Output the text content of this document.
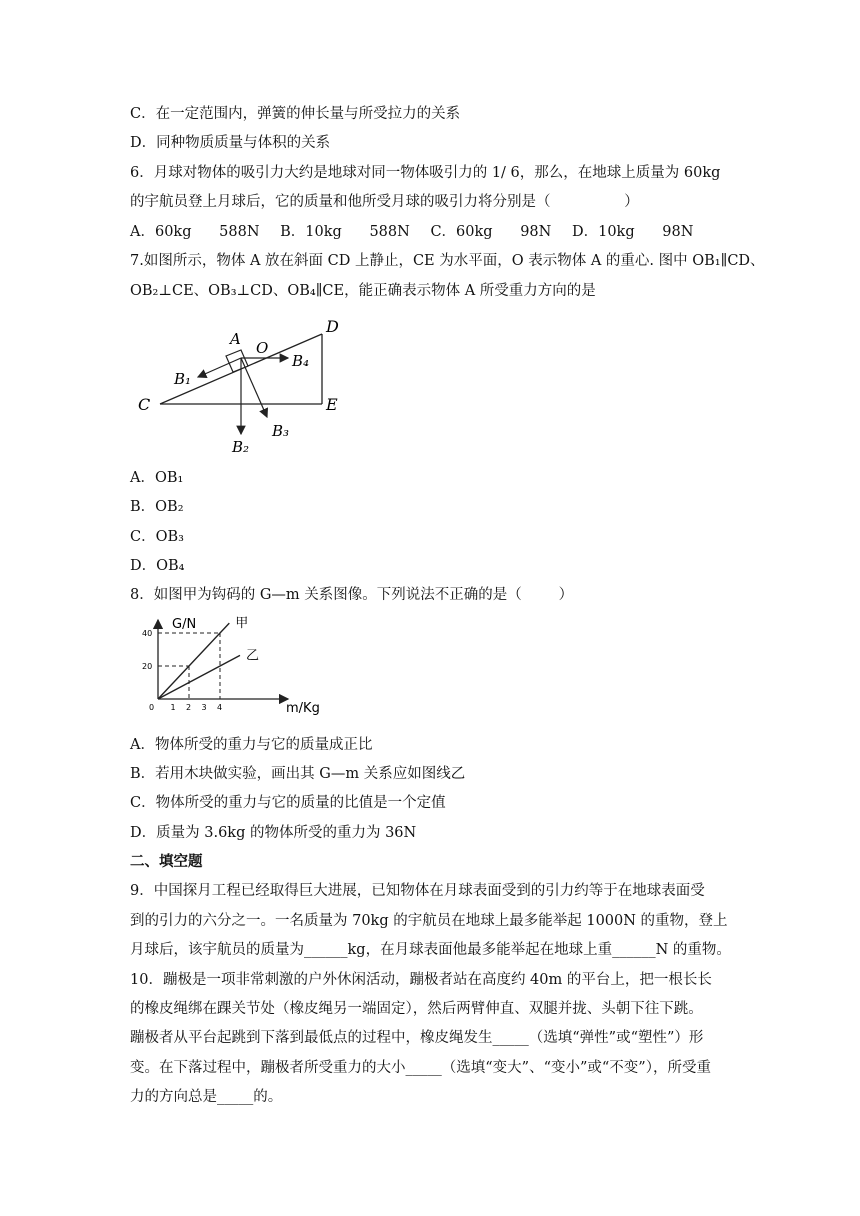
C．在一定范围内，弹簧的伸长量与所受拉力的关系
D．同种物质质量与体积的关系
6．月球对物体的吸引力大约是地球对同一物体吸引力的 1/ 6，那么，在地球上质量为 60kg
的宇航员登上月球后，它的质量和他所受月球的吸引力将分别是（                ）
A．60kg      588N B．10kg      588N C．60kg      98N D．10kg      98N
7.如图所示，物体 A 放在斜面 CD 上静止，CE 为水平面，O 表示物体 A 的重心. 图中 OB₁∥CD、
OB₂⊥CE、OB₃⊥CD、OB₄∥CE，能正确表示物体 A 所受重力方向的是
A O
D
C	E
B₁
B₂
B₃
B₄
A．OB₁
B．OB₂
C．OB₃
D．OB₄
8．如图甲为钩码的 G—m 关系图像。下列说法不正确的是（        ）
G/N
m/Kg
甲
乙
0 1 2 3 4
20
40
A．物体所受的重力与它的质量成正比
B．若用木块做实验，画出其 G—m 关系应如图线乙
C．物体所受的重力与它的质量的比值是一个定值
D．质量为 3.6kg 的物体所受的重力为 36N
二、填空题
9．中国探月工程已经取得巨大进展，已知物体在月球表面受到的引力约等于在地球表面受
到的引力的六分之一。一名质量为 70kg 的宇航员在地球上最多能举起 1000N 的重物，登上
月球后，该宇航员的质量为______kg，在月球表面他最多能举起在地球上重______N 的重物。
10．蹦极是一项非常刺激的户外休闲活动，蹦极者站在高度约 40m 的平台上，把一根长长
的橡皮绳绑在踝关节处（橡皮绳另一端固定），然后两臂伸直、双腿并拢、头朝下往下跳。
蹦极者从平台起跳到下落到最低点的过程中，橡皮绳发生_____（选填“弹性”或“塑性”）形
变。在下落过程中，蹦极者所受重力的大小_____（选填“变大”、“变小”或“不变”），所受重
力的方向总是_____的。
